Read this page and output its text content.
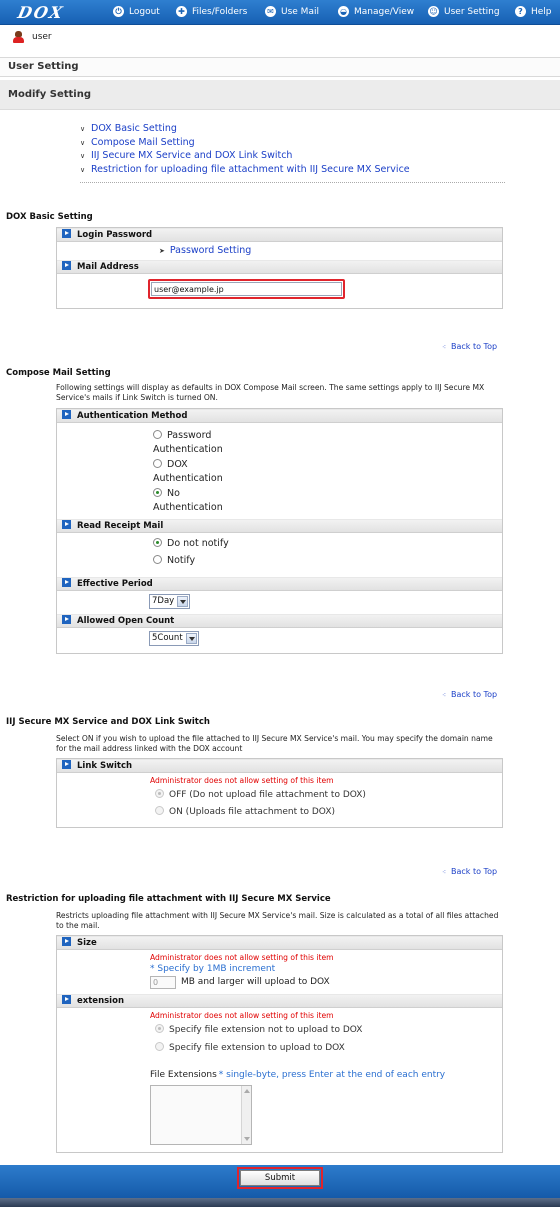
DOX	⏻ Logout ✚ Files/Folders ✉ Use Mail	◒ Manage/View ☺ User Setting	? Help
user
User Setting
Modify Setting
∨ DOX Basic Setting
∨ Compose Mail Setting
∨ IIJ Secure MX Service and DOX Link Switch
∨ Restriction for uploading file attachment with IIJ Secure MX Service
DOX Basic Setting
Login Password
➤ Password Setting
Mail Address
user@example.jp
⁖ Back to Top
Compose Mail Setting
Following settings will display as defaults in DOX Compose Mail screen. The same settings apply to IIJ Secure MX Service's mails if Link Switch is turned ON.
Authentication Method
Password Authentication
DOX Authentication
No Authentication
Read Receipt Mail
Do not notify
Notify
Effective Period
7Day
Allowed Open Count
5Count
⁖ Back to Top
IIJ Secure MX Service and DOX Link Switch
Select ON if you wish to upload the file attached to IIJ Secure MX Service's mail. You may specify the domain name for the mail address linked with the DOX account
Link Switch
Administrator does not allow setting of this item
OFF (Do not upload file attachment to DOX)
ON (Uploads file attachment to DOX)
⁖ Back to Top
Restriction for uploading file attachment with IIJ Secure MX Service
Restricts uploading file attachment with IIJ Secure MX Service's mail. Size is calculated as a total of all files attached to the mail.
Size
Administrator does not allow setting of this item
* Specify by 1MB increment
0	MB and larger will upload to DOX
extension
Administrator does not allow setting of this item
Specify file extension not to upload to DOX
Specify file extension to upload to DOX
File Extensions * single-byte, press Enter at the end of each entry
Submit
